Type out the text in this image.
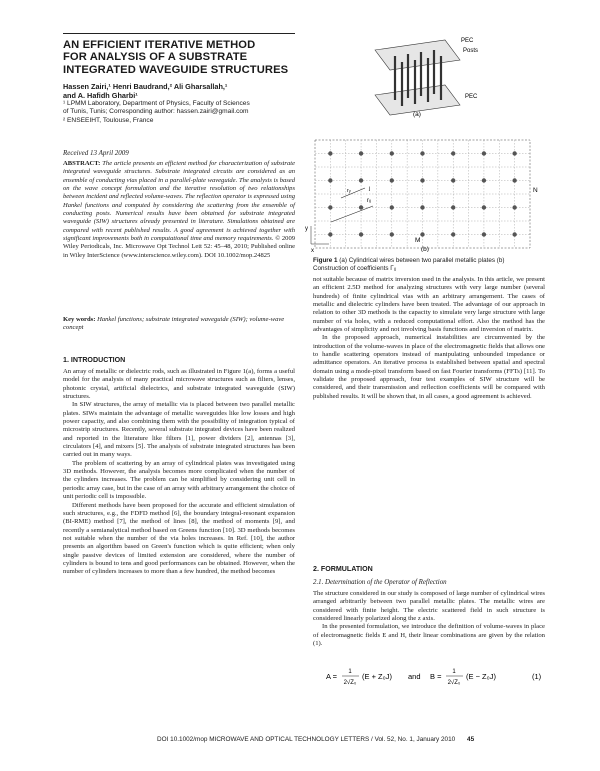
AN EFFICIENT ITERATIVE METHOD
FOR ANALYSIS OF A SUBSTRATE
INTEGRATED WAVEGUIDE STRUCTURES
Hassen Zairi,¹ Henri Baudrand,² Ali Gharsallah,¹
and A. Hafidh Gharbi¹
¹ LPMM Laboratory, Department of Physics, Faculty of Sciences
of Tunis, Tunis; Corresponding author: hassen.zairi@gmail.com
² ENSEEIHT, Toulouse, France
Received 13 April 2009
ABSTRACT: The article presents an efficient method for characterization of substrate integrated waveguide structures. Substrate integrated circuits are considered as an ensemble of conducting vias placed in a parallel-plate waveguide. The analysis is based on the wave concept formulation and the iterative resolution of two relationships between incident and reflected volume-waves. The reflection operator is expressed using Hankel functions and computed by considering the scattering from the ensemble of conducting posts. Numerical results have been obtained for substrate integrated waveguide (SIW) structures already presented in literature. Simulations obtained are compared with recent published results. A good agreement is achieved together with significant improvements both in computational time and memory requirements. © 2009 Wiley Periodicals, Inc. Microwave Opt Technol Lett 52: 45–48, 2010; Published online in Wiley InterScience (www.interscience.wiley.com). DOI 10.1002/mop.24825
Key words: Hankel functions; substrate integrated waveguide (SIW); volume-wave concept
1. INTRODUCTION

An array of metallic or dielectric rods, such as illustrated in Figure 1(a), forms a useful model for the analysis of many practical microwave structures such as filters, lenses, photonic crystal, artificial dielectrics, and substrate integrated waveguide (SIW) structures.

In SIW structures, the array of metallic via is placed between two parallel metallic plates. SIWs maintain the advantage of metallic waveguides like low losses and high power capacity, and also combining them with the possibility of integration typical of microstrip structures. Recently, several substrate integrated devices have been realized and reported in the literature like filters [1], power dividers [2], antennas [3], circulators [4], and mixers [5]. The analysis of substrate integrated structures has been carried out in many ways.

The problem of scattering by an array of cylindrical plates was investigated using 3D methods. However, the analysis becomes more complicated when the number of the cylinders increases. The problem can be simplified by considering unit cell in periodic array case, but in the case of an array with arbitrary arrangement the choice of unit periodic cell is impossible.

Different methods have been proposed for the accurate and efficient simulation of such structures, e.g., the FDFD method [6], the boundary integral-resonant expansion (BI-RME) method [7], the method of lines [8], the method of moments [9], and recently a semianalytical method based on Greens function [10]. 3D methods becomes not suitable when the number of the via holes increases. In Ref. [10], the author presents an algorithm based on Green's function which is quite efficient; when only single passive devices of limited extension are considered, where the number of cylinders is bound to tens and good performances can be obtained. However, when the number of cylinders increases to more than a few hundred, the method becomes

PEC
Posts
PEC
(a)
rᵢⱼ
j
rᵧ
y
x
N
M
(b)
Figure 1 (a) Cylindrical wires between two parallel metallic plates (b) Construction of coefficients Γᵢⱼ

not suitable because of matrix inversion used in the analysis. In this article, we present an efficient 2.5D method for analyzing structures with very large number (several hundreds) of finite cylindrical vias with an arbitrary arrangement. The cases of metallic and dielectric cylinders have been treated. The advantage of our approach in relation to other 3D methods is the capacity to simulate very large structure with large number of via holes, with a reduced computational effort. Also the method has the advantages of simplicity and not involving basis functions and inversion of matrix.

In the proposed approach, numerical instabilities are circumvented by the introduction of the volume-waves in place of the electromagnetic fields that allows one to handle scattering operators instead of manipulating unbounded impedance or admittance operators. An iterative process is established between spatial and spectral domain using a mode-pixel transform based on fast Fourier transforms (FFTs) [11]. To validate the proposed approach, four test examples of SIW structure will be considered, and their transmission and reflection coefficients will be compared with published results. It will be shown that, in all cases, a good agreement is achieved.

2. FORMULATION
2.1. Determination of the Operator of Reflection

The structure considered in our study is composed of large number of cylindrical wires arranged arbitrarily between two parallel metallic plates. The metallic wires are considered with finite height. The electric scattered field in such structure is considered linearly polarized along the z axis.

In the presented formulation, we introduce the definition of volume-waves in place of electromagnetic fields E and H, their linear combinations are given by the relation (1).

A = 1
2√Z₀
(E + Z₀J) and B = 1
2√Z₀
(E − Z₀J)	(1)
DOI 10.1002/mop MICROWAVE AND OPTICAL TECHNOLOGY LETTERS / Vol. 52, No. 1, January 2010 45
